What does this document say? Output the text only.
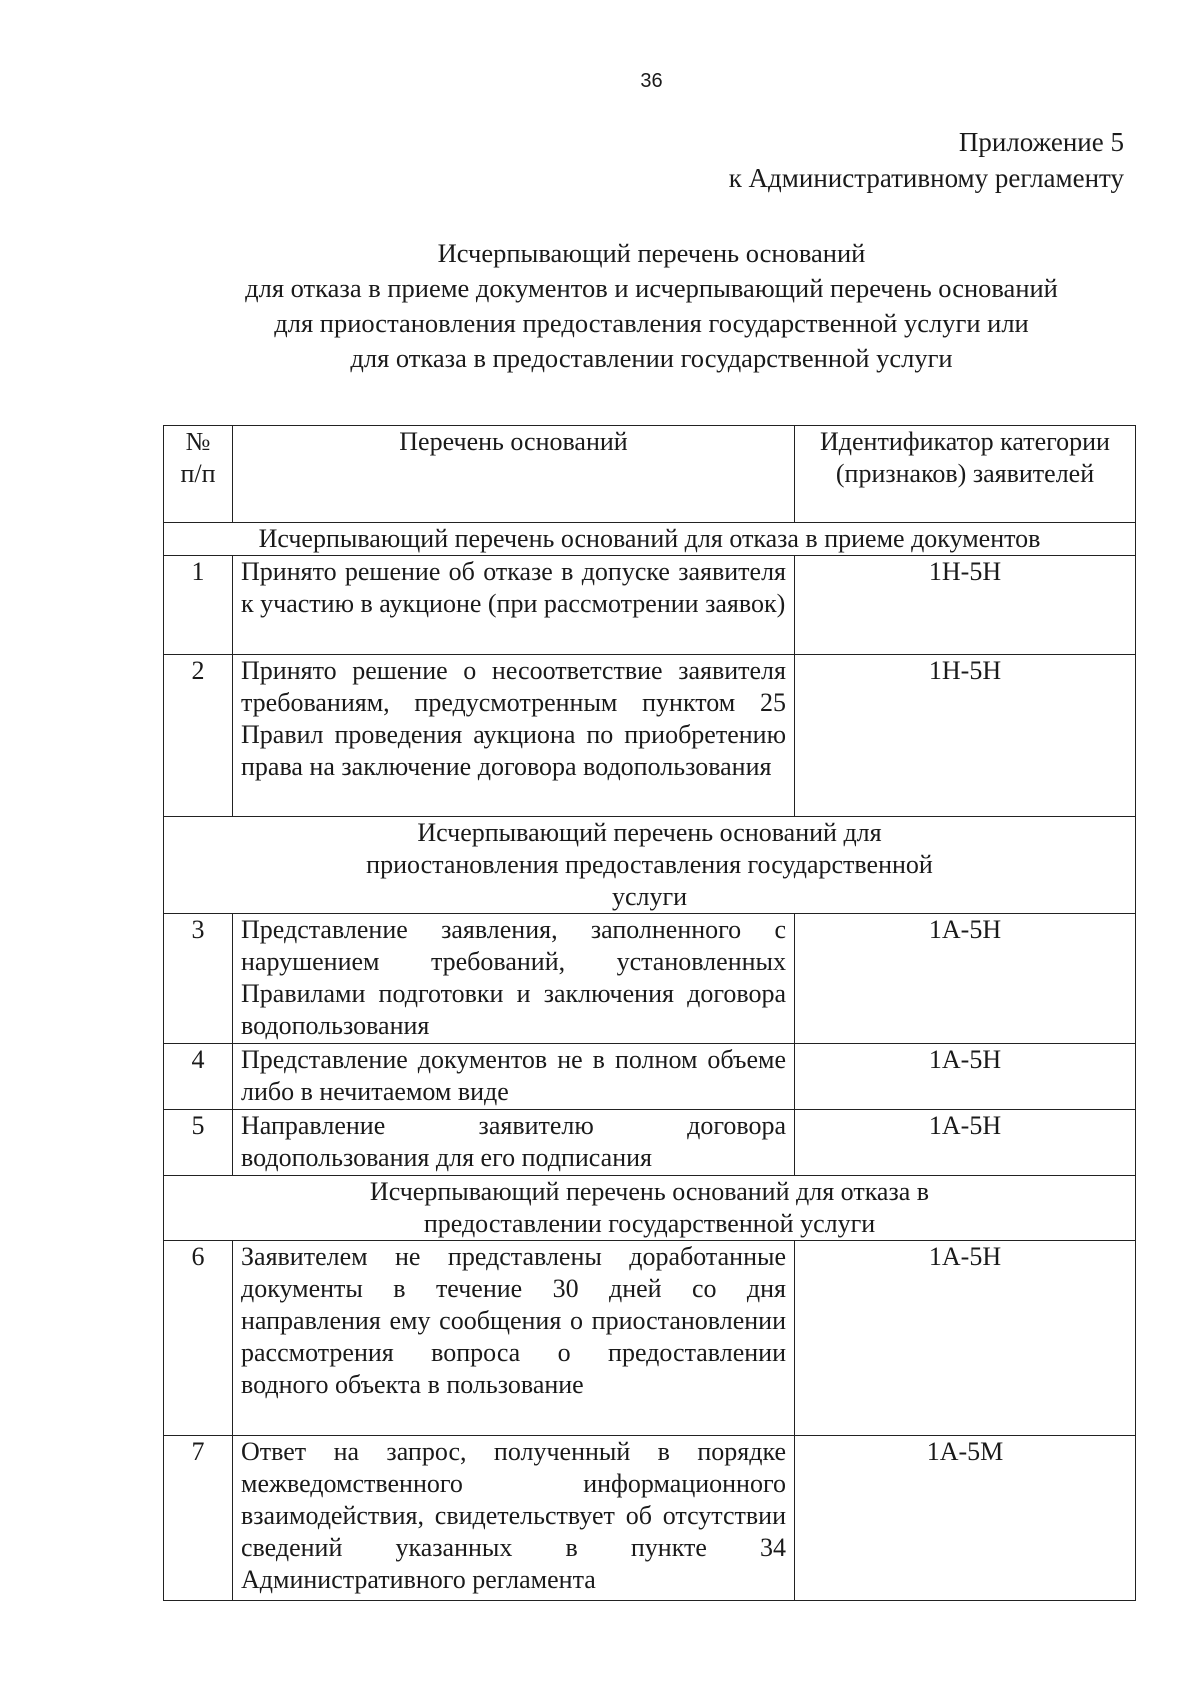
36
Приложение 5
к Административному регламенту
Исчерпывающий перечень оснований
для отказа в приеме документов и исчерпывающий перечень оснований
для приостановления предоставления государственной услуги или
для отказа в предоставлении государственной услуги
№ п/п	Перечень оснований	Идентификатор категории (признаков) заявителей
Исчерпывающий перечень оснований для отказа в приеме документов		
1	Принято решение об отказе в допуске заявителя к участию в аукционе (при рассмотрении заявок)	1Н-5Н
2	Принято решение о несоответствие заявителя требованиям, предусмотренным пунктом 25 Правил проведения аукциона по приобретению права на заключение договора водопользования	1Н-5Н
Исчерпывающий перечень оснований для приостановления предоставления государственной услуги		
3	Представление заявления, заполненного с нарушением требований, установленных Правилами подготовки и заключения договора водопользования	1А-5Н
4	Представление документов не в полном объеме либо в нечитаемом виде	1А-5Н
5	Направление заявителю договора водопользования для его подписания	1А-5Н
Исчерпывающий перечень оснований для отказа в предоставлении государственной услуги		
6	Заявителем не представлены доработанные документы в течение 30 дней со дня направления ему сообщения о приостановлении рассмотрения вопроса о предоставлении водного объекта в пользование	1А-5Н
7	Ответ на запрос, полученный в порядке межведомственного информационного взаимодействия, свидетельствует об отсутствии сведений указанных в пункте 34 Административного регламента	1А-5М
